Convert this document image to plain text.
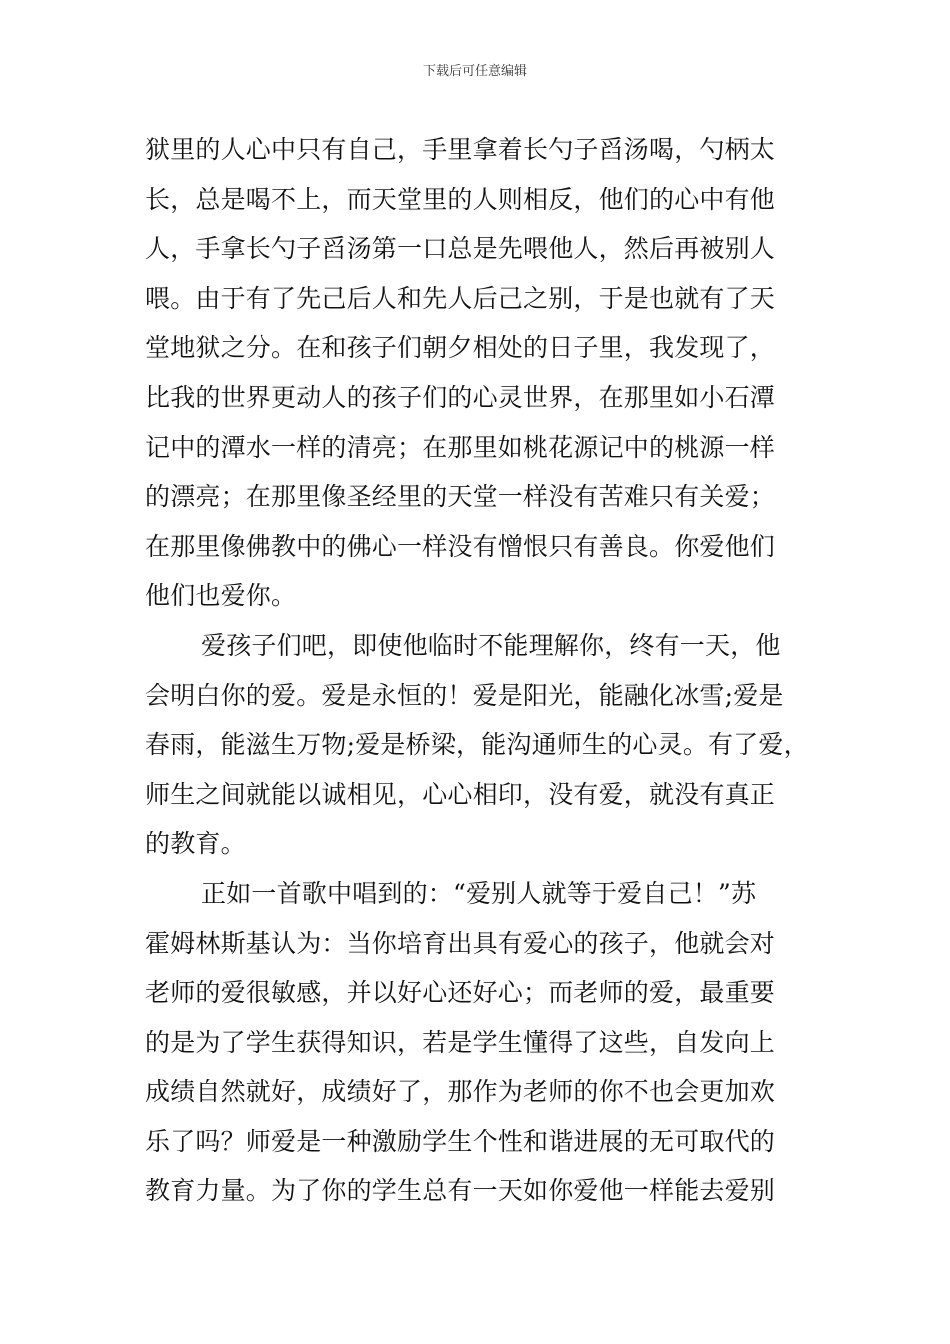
下载后可任意编辑
狱里的人心中只有自己，手里拿着长勺子舀汤喝，勺柄太
长，总是喝不上，而天堂里的人则相反，他们的心中有他
人，手拿长勺子舀汤第一口总是先喂他人，然后再被别人
喂。由于有了先己后人和先人后己之别，于是也就有了天
堂地狱之分。在和孩子们朝夕相处的日子里，我发现了，
比我的世界更动人的孩子们的心灵世界，在那里如小石潭
记中的潭水一样的清亮；在那里如桃花源记中的桃源一样
的漂亮；在那里像圣经里的天堂一样没有苦难只有关爱；
在那里像佛教中的佛心一样没有憎恨只有善良。你爱他们
他们也爱你。
爱孩子们吧，即使他临时不能理解你，终有一天，他
会明白你的爱。爱是永恒的！爱是阳光，能融化冰雪;爱是
春雨，能滋生万物;爱是桥梁，能沟通师生的心灵。有了爱，
师生之间就能以诚相见，心心相印，没有爱，就没有真正
的教育。
正如一首歌中唱到的：“爱别人就等于爱自己！”苏
霍姆林斯基认为：当你培育出具有爱心的孩子，他就会对
老师的爱很敏感，并以好心还好心；而老师的爱，最重要
的是为了学生获得知识，若是学生懂得了这些，自发向上
成绩自然就好，成绩好了，那作为老师的你不也会更加欢
乐了吗？师爱是一种激励学生个性和谐进展的无可取代的
教育力量。为了你的学生总有一天如你爱他一样能去爱别
